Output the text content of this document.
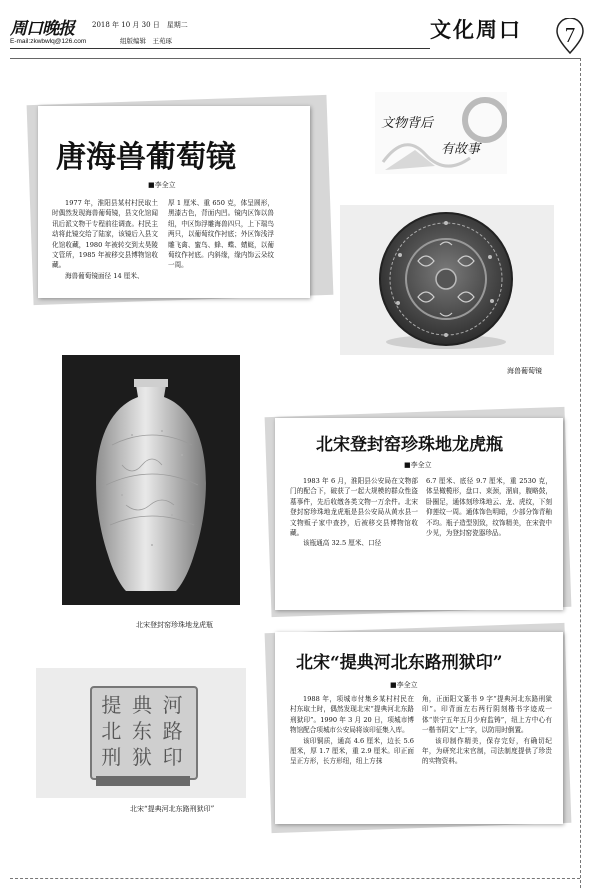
周口晚报	2018 年 10 月 30 日　星期二
E-mail:zkwbwlq@126.com	组版编辑　王苑琢	文化周口	7
文物背后
有故事
唐海兽葡萄镜
■李全立

1977 年，淮阳县某村村民取土时偶然发现海兽葡萄镜，县文化馆闻讯后派文物干专程前往调查。村民主动将此镜交给了陆家，该镜后入县文化馆收藏，1980 年被转交到太昊陵文管所，1985 年被移交县博物馆收藏。

海兽葡萄镜面径 14 厘米、

厚 1 厘米、重 650 克，体呈圆形，黑漆古色，背面内凹。镜内区饰以兽纽，中区饰浮雕海兽四只，上下瑞鸟两只，以葡萄纹作衬底；外区饰浅浮雕飞禽、蜜鸟、蜂、蝶、蜻蜓，以葡萄纹作衬底。内斜缘，缘内饰云朵纹一周。

海兽葡萄镜
北宋登封窑珍珠地龙虎瓶
北宋登封窑珍珠地龙虎瓶
■李全立

1983 年 6 月，淮阳县公安局在文物部门的配合下，破获了一起大规模的群众性盗墓事件，先后收缴各类文物一万余件。北宋登封窑珍珠地龙虎瓶是县公安局从黄水县一文物贩子家中查抄，后被移交县博物馆收藏。

该瓶通高 32.5 厘米、口径

6.7 厘米、底径 9.7 厘米，重 2530 克，体呈橄榄形，盘口、束颈，溜肩，腹略鼓，卧圈足，通体刻珍珠地云、龙、虎纹，下刻仰莲纹一周。通体饰色明暗，少部分饰青釉不均。瓶子造型别致，纹饰精美，在宋瓷中少见，为登封窑瓷器珍品。

北宋“提典河北东路刑狱印”
■李全立

1988 年，项城市付集乡某村村民在村东取土时，偶然发现北宋“提典河北东路刑狱印”。1990 年 3 月 20 日，项城市博物馆配合项城市公安局将该印征集入库。

该印铜质，通高 4.6 厘米，边长 5.6 厘米，厚 1.7 厘米，重 2.9 厘米。印正面呈正方形，长方形纽，纽上方抹

角，正面阳文篆书 9 字“提典河北东路刑狱印”。印背面左右两行阴刻楷书字迹成一体“崇宁五年五月少府监铸”，纽上方中心有一楷书阴文“上”字，以防用时倒置。

该印制作精美，保存完好，有确切纪年，为研究北宋官制，司法制度提供了珍贵的实物资料。

提 典 河
北 东 路
刑 狱 印
北宋“提典河北东路刑狱印”
